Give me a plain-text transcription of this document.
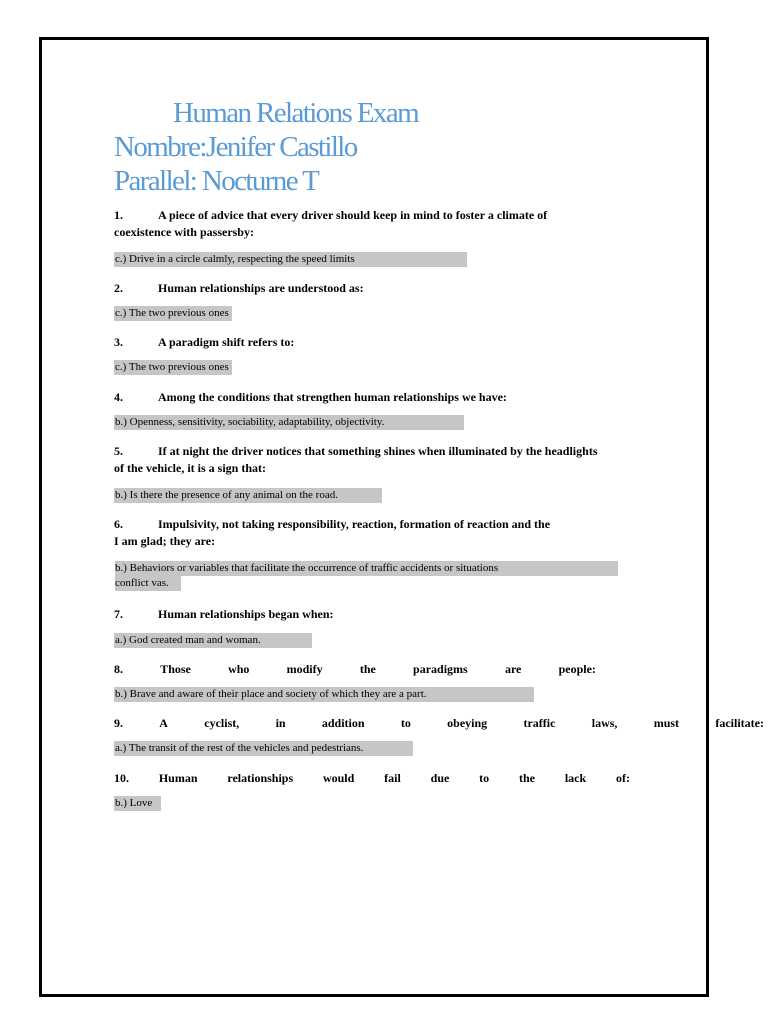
Human Relations Exam
Nombre:Jenifer Castillo
Parallel: Nocturne T
1.	A piece of advice that every driver should keep in mind to foster a climate of
coexistence with passersby:
c.) Drive in a circle calmly, respecting the speed limits
2.	Human relationships are understood as:
c.) The two previous ones
3.	A paradigm shift refers to:
c.) The two previous ones
4.	Among the conditions that strengthen human relationships we have:
b.) Openness, sensitivity, sociability, adaptability, objectivity.
5.	If at night the driver notices that something shines when illuminated by the headlights
of the vehicle, it is a sign that:
b.) Is there the presence of any animal on the road.
6.	Impulsivity, not taking responsibility, reaction, formation of reaction and the
I am glad; they are:
b.) Behaviors or variables that facilitate the occurrence of traffic accidents or situations
conflict vas.
7.	Human relationships began when:
a.) God created man and woman.
8.	Those	who	modify	the	paradigms	are	people:
b.) Brave and aware of their place and society of which they are a part.
9.	A	cyclist,	in	addition	to	obeying	traffic	laws,	must	facilitate:
a.) The transit of the rest of the vehicles and pedestrians.
10. Human relationships would fail due to the lack of:
b.) Love
